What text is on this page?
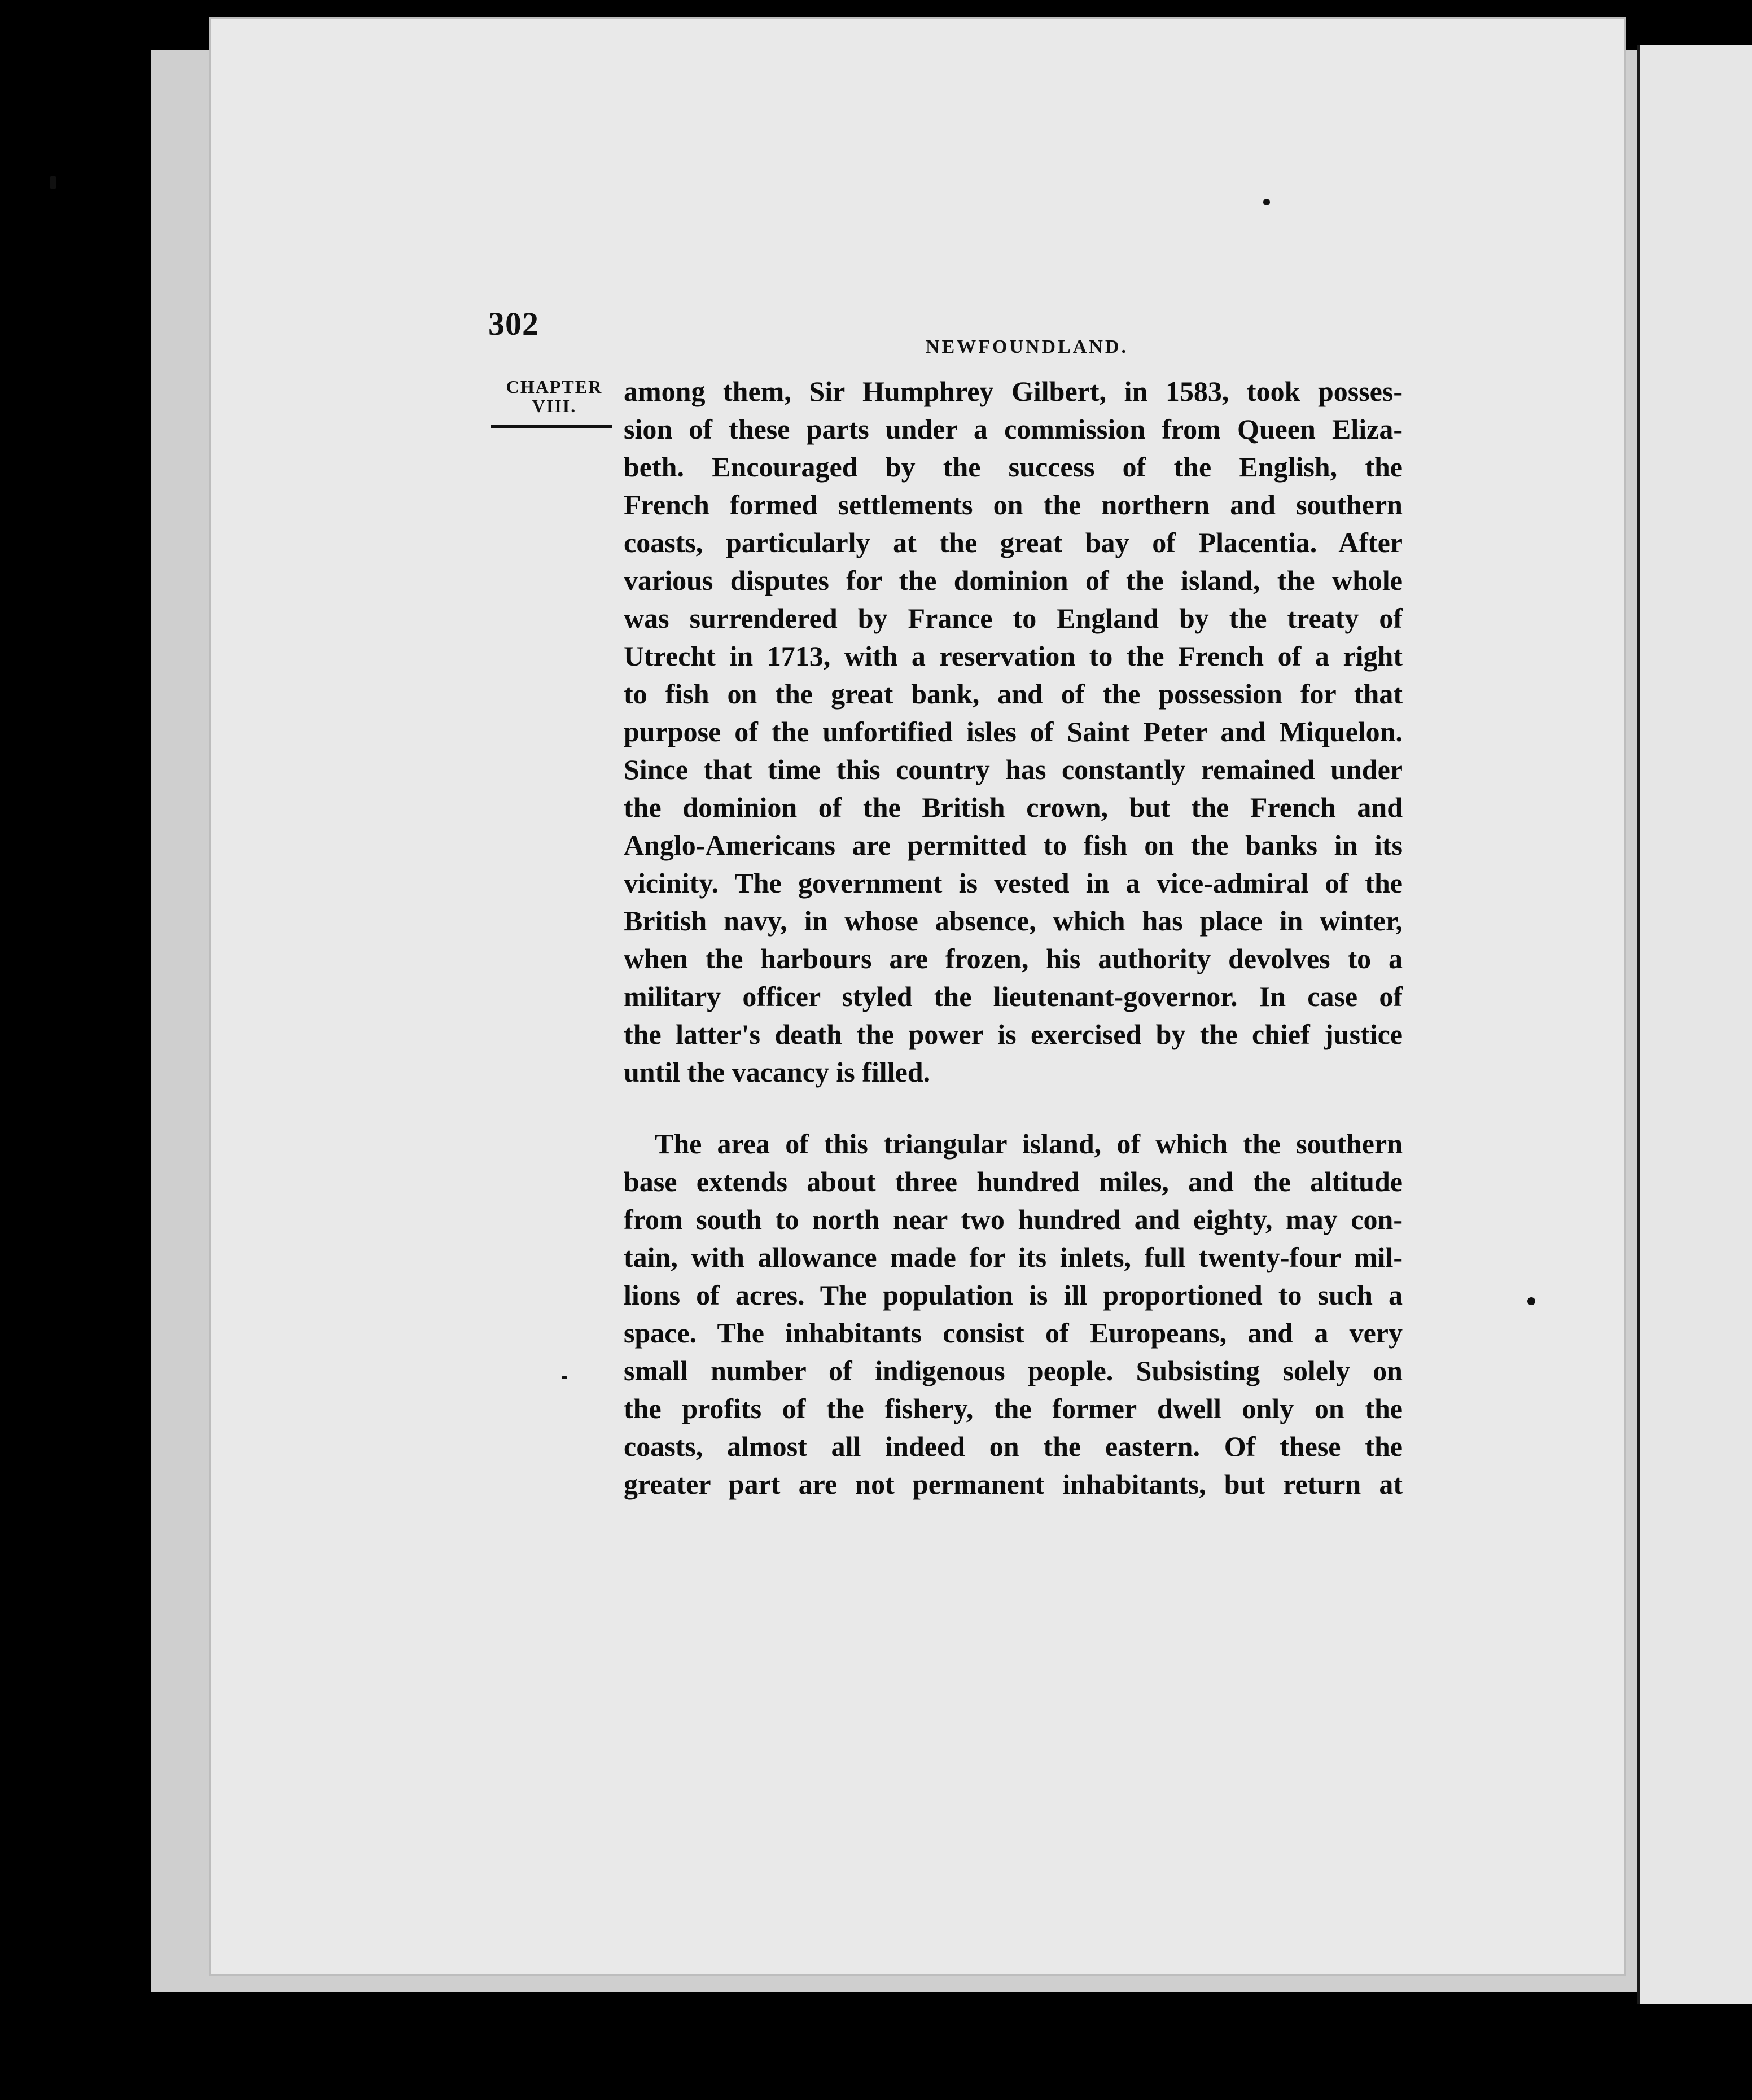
302
NEWFOUNDLAND.
CHAPTER
VIII.	among them, Sir Humphrey Gilbert, in 1583, took posses-
sion of these parts under a commission from Queen Eliza-
beth. Encouraged by the success of the English, the
French formed settlements on the northern and southern
coasts, particularly at the great bay of Placentia. After
various disputes for the dominion of the island, the whole
was surrendered by France to England by the treaty of
Utrecht in 1713, with a reservation to the French of a right
to fish on the great bank, and of the possession for that
purpose of the unfortified isles of Saint Peter and Miquelon.
Since that time this country has constantly remained under
the dominion of the British crown, but the French and
Anglo-Americans are permitted to fish on the banks in its
vicinity. The government is vested in a vice-admiral of the
British navy, in whose absence, which has place in winter,
when the harbours are frozen, his authority devolves to a
military officer styled the lieutenant-governor. In case of
the latter's death the power is exercised by the chief justice
until the vacancy is filled.

The area of this triangular island, of which the southern
base extends about three hundred miles, and the altitude
from south to north near two hundred and eighty, may con-
tain, with allowance made for its inlets, full twenty-four mil-
lions of acres. The population is ill proportioned to such a
space. The inhabitants consist of Europeans, and a very
small number of indigenous people. Subsisting solely on
the profits of the fishery, the former dwell only on the
coasts, almost all indeed on the eastern. Of these the
greater part are not permanent inhabitants, but return at
